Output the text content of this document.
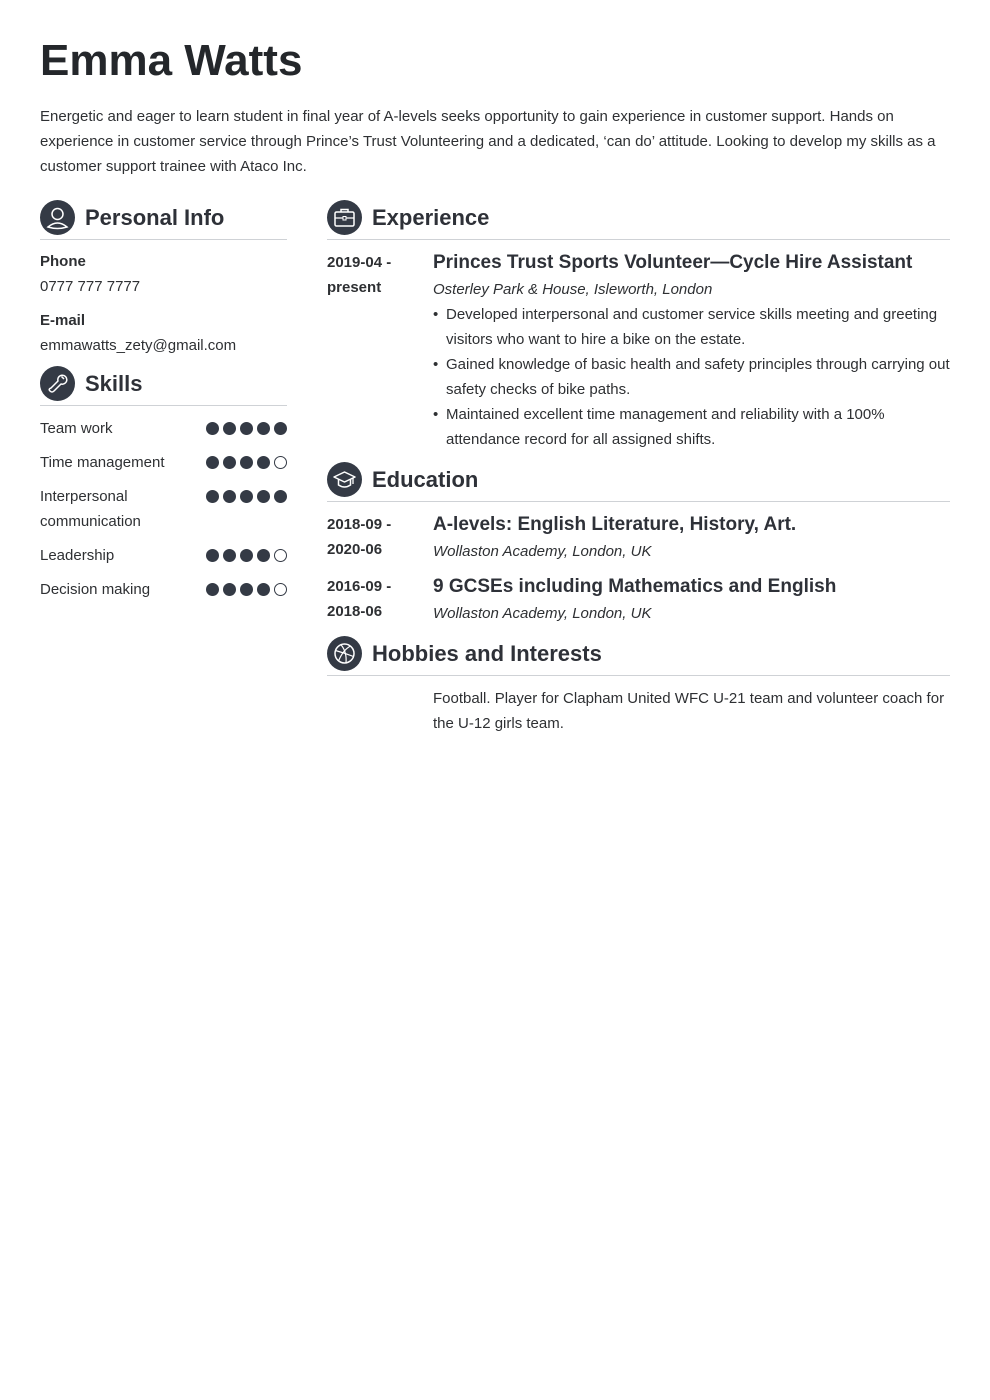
Emma Watts

Energetic and eager to learn student in final year of A-levels seeks opportunity to gain experience in customer support. Hands on experience in customer service through Prince’s Trust Volunteering and a dedicated, ‘can do’ attitude. Looking to develop my skills as a customer support trainee with Ataco Inc.

Personal Info
Phone
0777 777 7777
E-mail
emmawatts_zety@gmail.com
Skills
Team work
Time management
Interpersonal communication
Leadership
Decision making
Experience
2019-04 -
present
Princes Trust Sports Volunteer—Cycle Hire Assistant
Osterley Park & House, Isleworth, London
• Developed interpersonal and customer service skills meeting and greeting visitors who want to hire a bike on the estate.
• Gained knowledge of basic health and safety principles through carrying out safety checks of bike paths.
• Maintained excellent time management and reliability with a 100% attendance record for all assigned shifts.
Education
2018-09 -
2020-06
A-levels: English Literature, History, Art.
Wollaston Academy, London, UK
2016-09 -
2018-06
9 GCSEs including Mathematics and English
Wollaston Academy, London, UK
Hobbies and Interests
Football. Player for Clapham United WFC U-21 team and volunteer coach for the U-12 girls team.
